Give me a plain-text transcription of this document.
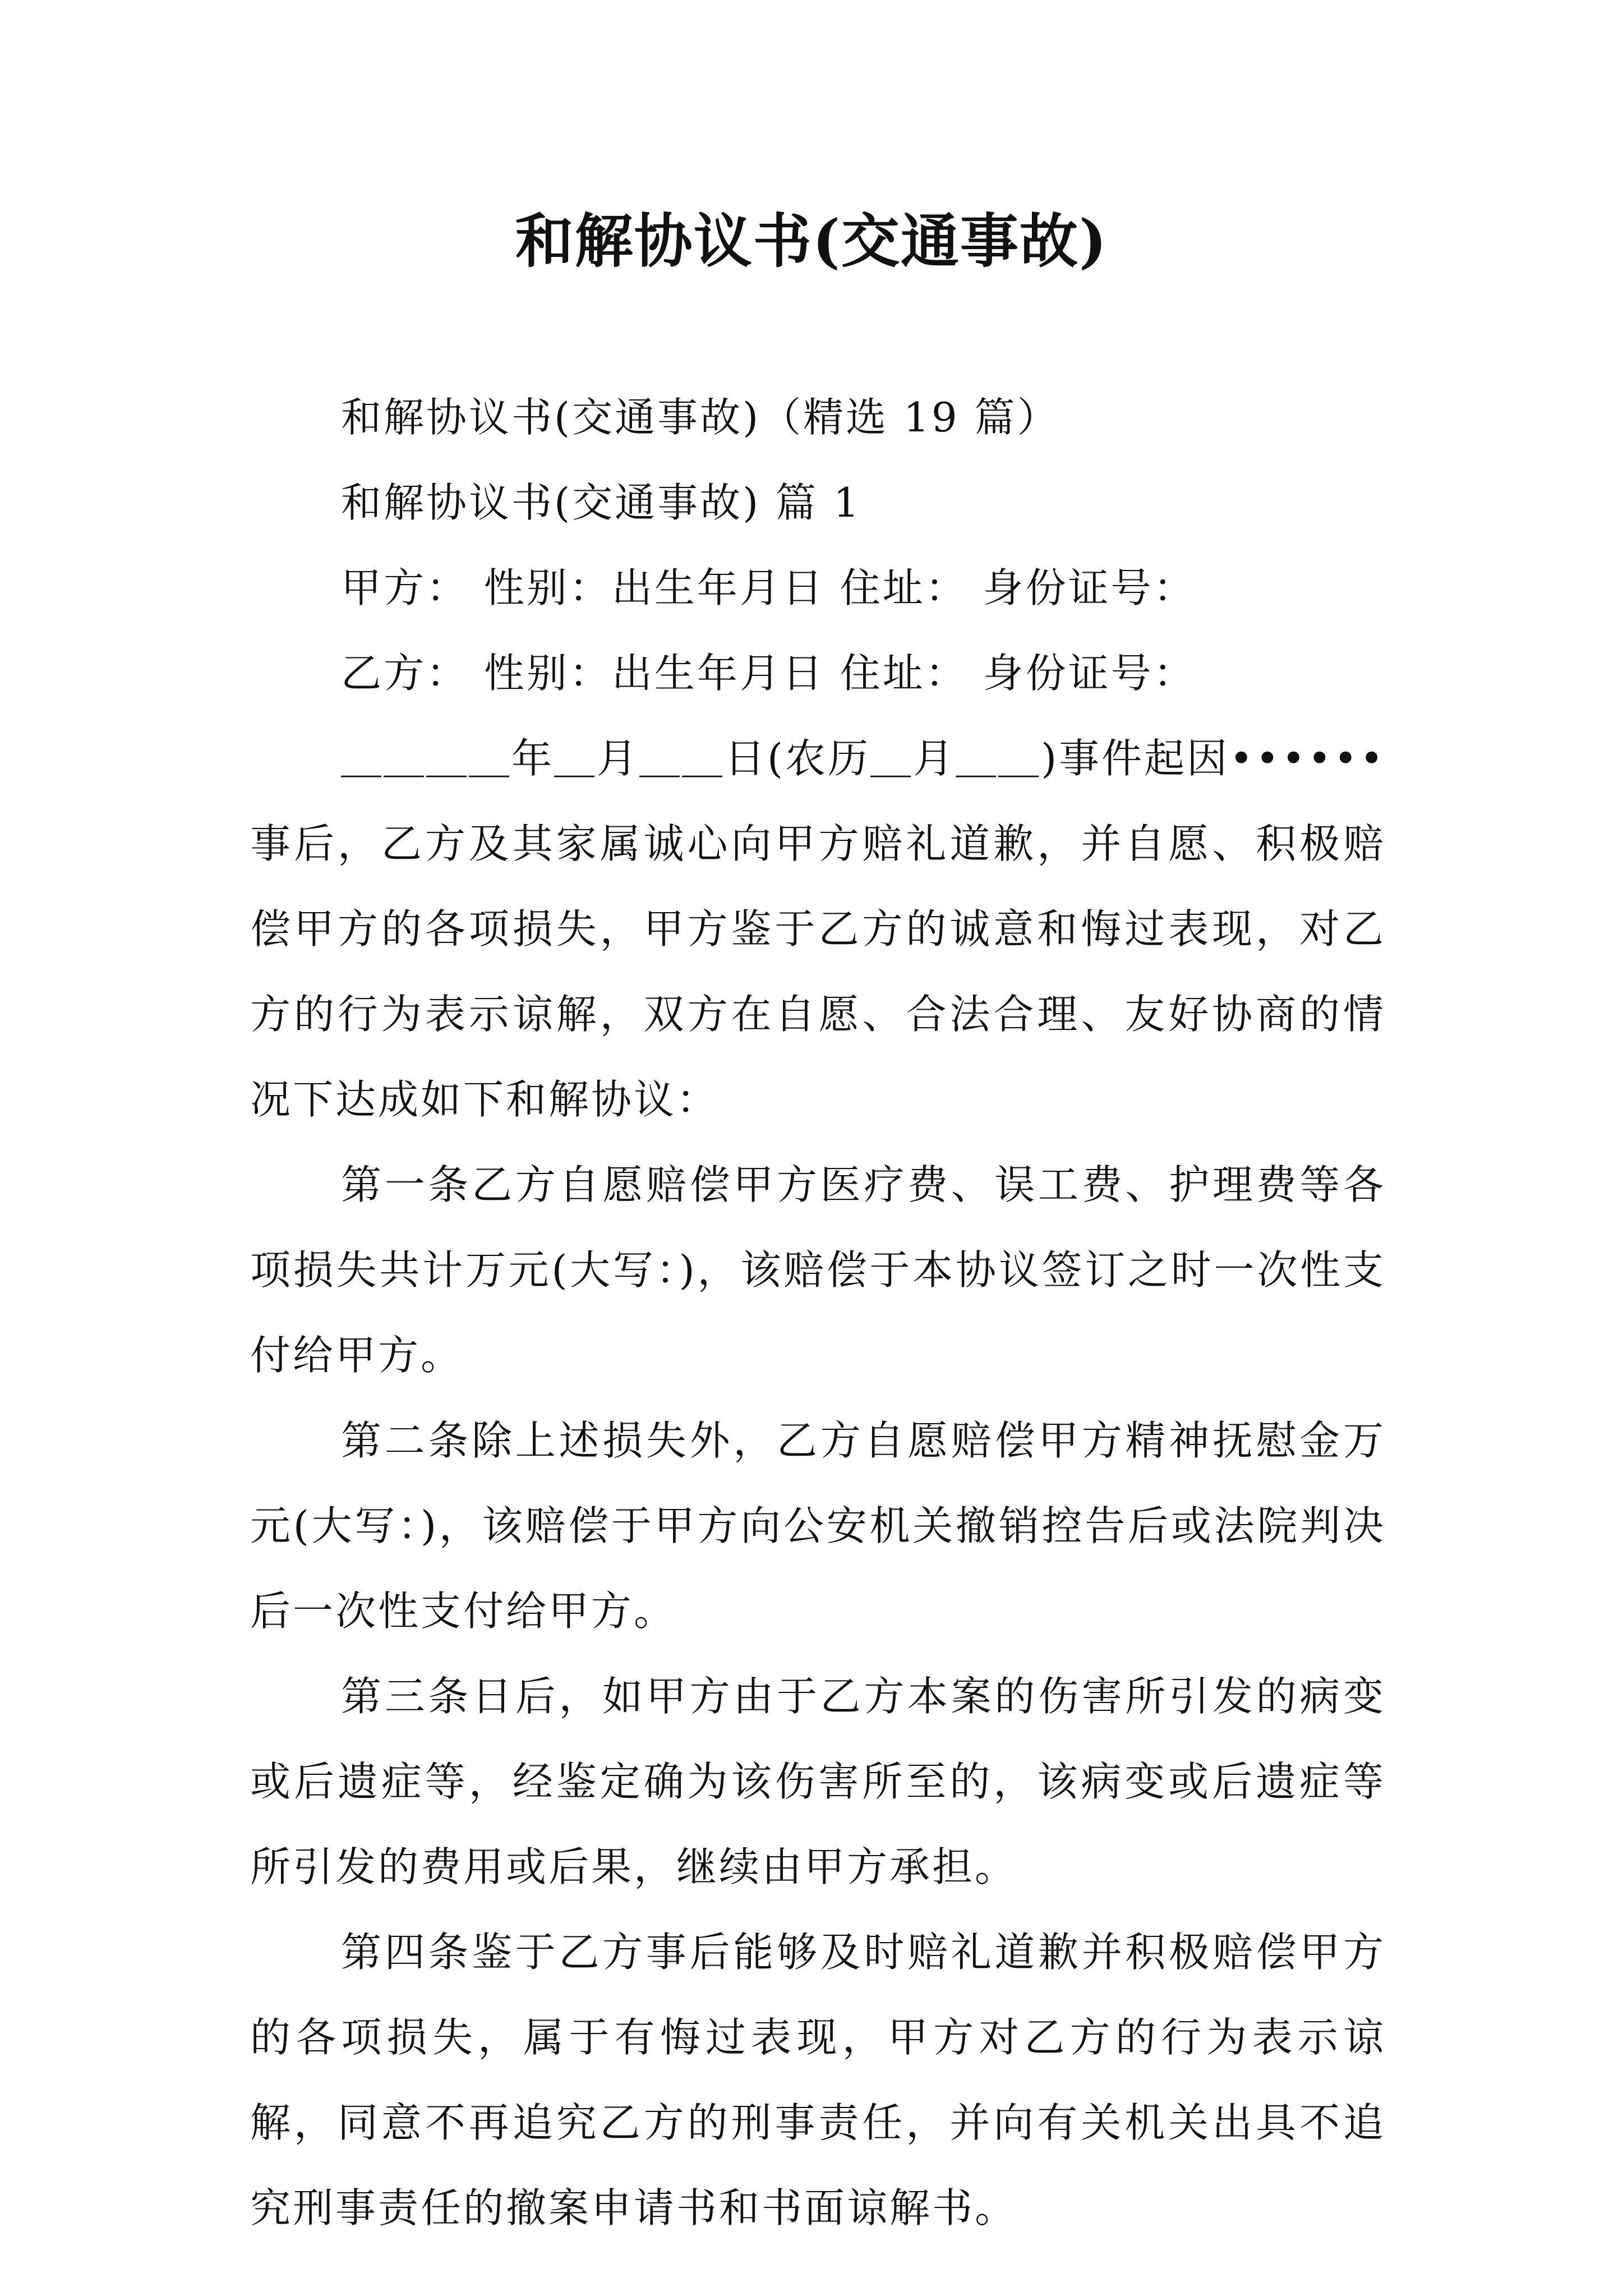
和解协议书(交通事故)

和解协议书(交通事故)（精选 19 篇）

和解协议书(交通事故) 篇 1

甲方： 性别：出生年月日 住址： 身份证号：

乙方： 性别：出生年月日 住址： 身份证号：

＿＿＿＿年＿月＿＿日(农历＿月＿＿)事件起因••••••事后，乙方及其家属诚心向甲方赔礼道歉，并自愿、积极赔偿甲方的各项损失，甲方鉴于乙方的诚意和悔过表现，对乙方的行为表示谅解，双方在自愿、合法合理、友好协商的情况下达成如下和解协议：

第一条乙方自愿赔偿甲方医疗费、误工费、护理费等各项损失共计万元(大写：)，该赔偿于本协议签订之时一次性支付给甲方。

第二条除上述损失外，乙方自愿赔偿甲方精神抚慰金万元(大写：)，该赔偿于甲方向公安机关撤销控告后或法院判决后一次性支付给甲方。

第三条日后，如甲方由于乙方本案的伤害所引发的病变或后遗症等，经鉴定确为该伤害所至的，该病变或后遗症等所引发的费用或后果，继续由甲方承担。

第四条鉴于乙方事后能够及时赔礼道歉并积极赔偿甲方的各项损失，属于有悔过表现，甲方对乙方的行为表示谅解，同意不再追究乙方的刑事责任，并向有关机关出具不追究刑事责任的撤案申请书和书面谅解书。
